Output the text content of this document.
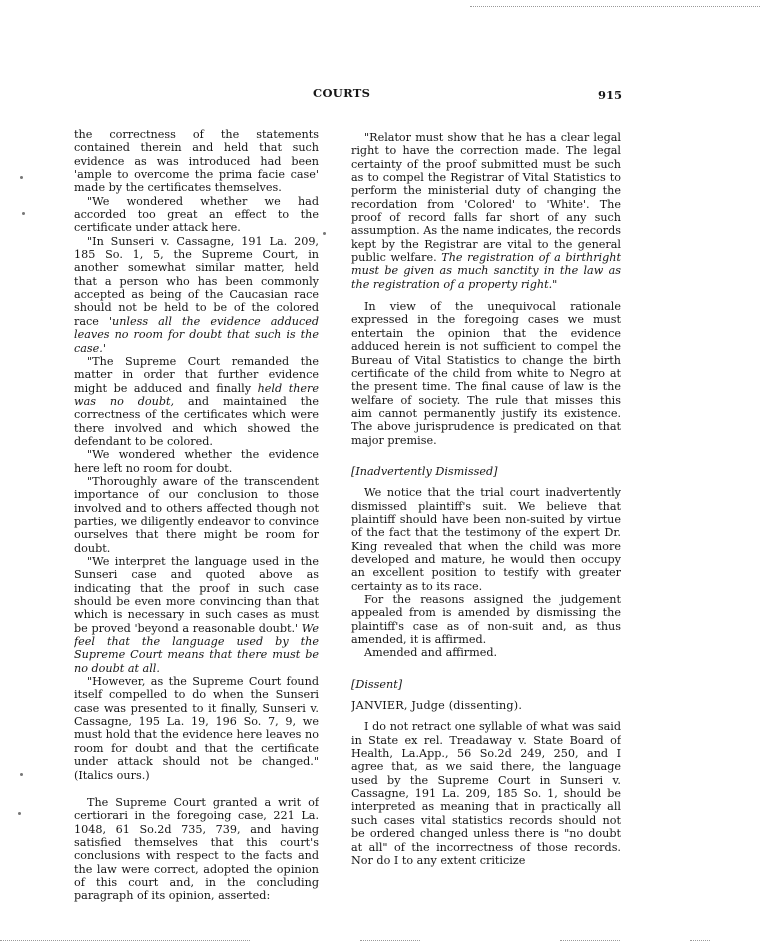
COURTS	915

the correctness of the statements contained therein and held that such evidence as was introduced had been 'ample to overcome the prima facie case' made by the certificates themselves.

"We wondered whether we had accorded too great an effect to the certificate under attack here.

"In Sunseri v. Cassagne, 191 La. 209, 185 So. 1, 5, the Supreme Court, in another somewhat similar matter, held that a person who has been commonly accepted as being of the Caucasian race should not be held to be of the colored race 'unless all the evidence adduced leaves no room for doubt that such is the case.'

"The Supreme Court remanded the matter in order that further evidence might be adduced and finally held there was no doubt, and maintained the correctness of the certificates which were there involved and which showed the defendant to be colored.

"We wondered whether the evidence here left no room for doubt.

"Thoroughly aware of the transcendent importance of our conclusion to those involved and to others affected though not parties, we diligently endeavor to convince ourselves that there might be room for doubt.

"We interpret the language used in the Sunseri case and quoted above as indicating that the proof in such case should be even more convincing than that which is necessary in such cases as must be proved 'beyond a reasonable doubt.' We feel that the language used by the Supreme Court means that there must be no doubt at all.

"However, as the Supreme Court found itself compelled to do when the Sunseri case was presented to it finally, Sunseri v. Cassagne, 195 La. 19, 196 So. 7, 9, we must hold that the evidence here leaves no room for doubt and that the certificate under attack should not be changed." (Italics ours.)

The Supreme Court granted a writ of certiorari in the foregoing case, 221 La. 1048, 61 So.2d 735, 739, and having satisfied themselves that this court's conclusions with respect to the facts and the law were correct, adopted the opinion of this court and, in the concluding paragraph of its opinion, asserted:

"Relator must show that he has a clear legal right to have the correction made. The legal certainty of the proof submitted must be such as to compel the Registrar of Vital Statistics to perform the ministerial duty of changing the recordation from 'Colored' to 'White'. The proof of record falls far short of any such assumption. As the name indicates, the records kept by the Registrar are vital to the general public welfare. The registration of a birthright must be given as much sanctity in the law as the registration of a property right."

In view of the unequivocal rationale expressed in the foregoing cases we must entertain the opinion that the evidence adduced herein is not sufficient to compel the Bureau of Vital Statistics to change the birth certificate of the child from white to Negro at the present time. The final cause of law is the welfare of society. The rule that misses this aim cannot permanently justify its existence. The above jurisprudence is predicated on that major premise.

[Inadvertently Dismissed]

We notice that the trial court inadvertently dismissed plaintiff's suit. We believe that plaintiff should have been non-suited by virtue of the fact that the testimony of the expert Dr. King revealed that when the child was more developed and mature, he would then occupy an excellent position to testify with greater certainty as to its race.

For the reasons assigned the judgement appealed from is amended by dismissing the plaintiff's case as of non-suit and, as thus amended, it is affirmed.

Amended and affirmed.

[Dissent]

JANVIER, Judge (dissenting).

I do not retract one syllable of what was said in State ex rel. Treadaway v. State Board of Health, La.App., 56 So.2d 249, 250, and I agree that, as we said there, the language used by the Supreme Court in Sunseri v. Cassagne, 191 La. 209, 185 So. 1, should be interpreted as meaning that in practically all such cases vital statistics records should not be ordered changed unless there is "no doubt at all" of the incorrectness of those records. Nor do I to any extent criticize
